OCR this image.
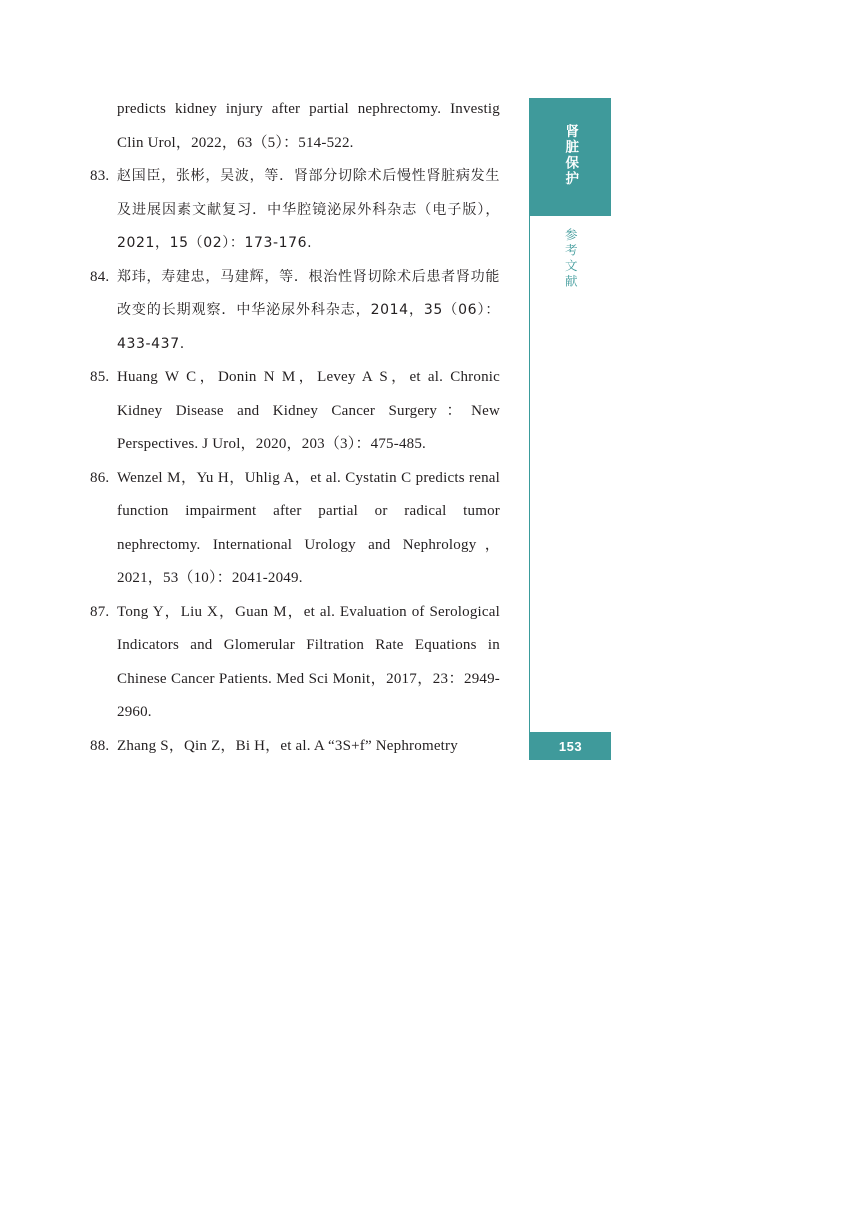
肾脏保护
参考文献
153

predicts kidney injury after partial nephrectomy. Investig Clin Urol，2022，63（5）：514-522.

83. 赵国臣，张彬，吴波，等．肾部分切除术后慢性肾脏病发生及进展因素文献复习．中华腔镜泌尿外科杂志（电子版），2021，15（02）：173-176.

84. 郑玮，寿建忠，马建辉，等．根治性肾切除术后患者肾功能改变的长期观察．中华泌尿外科杂志，2014，35（06）：433-437.

85. Huang W C，Donin N M，Levey A S，et al. Chronic Kidney Disease and Kidney Cancer Surgery：New Perspectives. J Urol，2020，203（3）：475-485.

86. Wenzel M，Yu H，Uhlig A，et al. Cystatin C predicts renal function impairment after partial or radical tumor nephrectomy. International Urology and Nephrology，2021，53（10）：2041-2049.

87. Tong Y，Liu X，Guan M，et al. Evaluation of Serological Indicators and Glomerular Filtration Rate Equations in Chinese Cancer Patients. Med Sci Monit，2017，23：2949-2960.

88. Zhang S，Qin Z，Bi H，et al. A “3S+f” Nephrometry
